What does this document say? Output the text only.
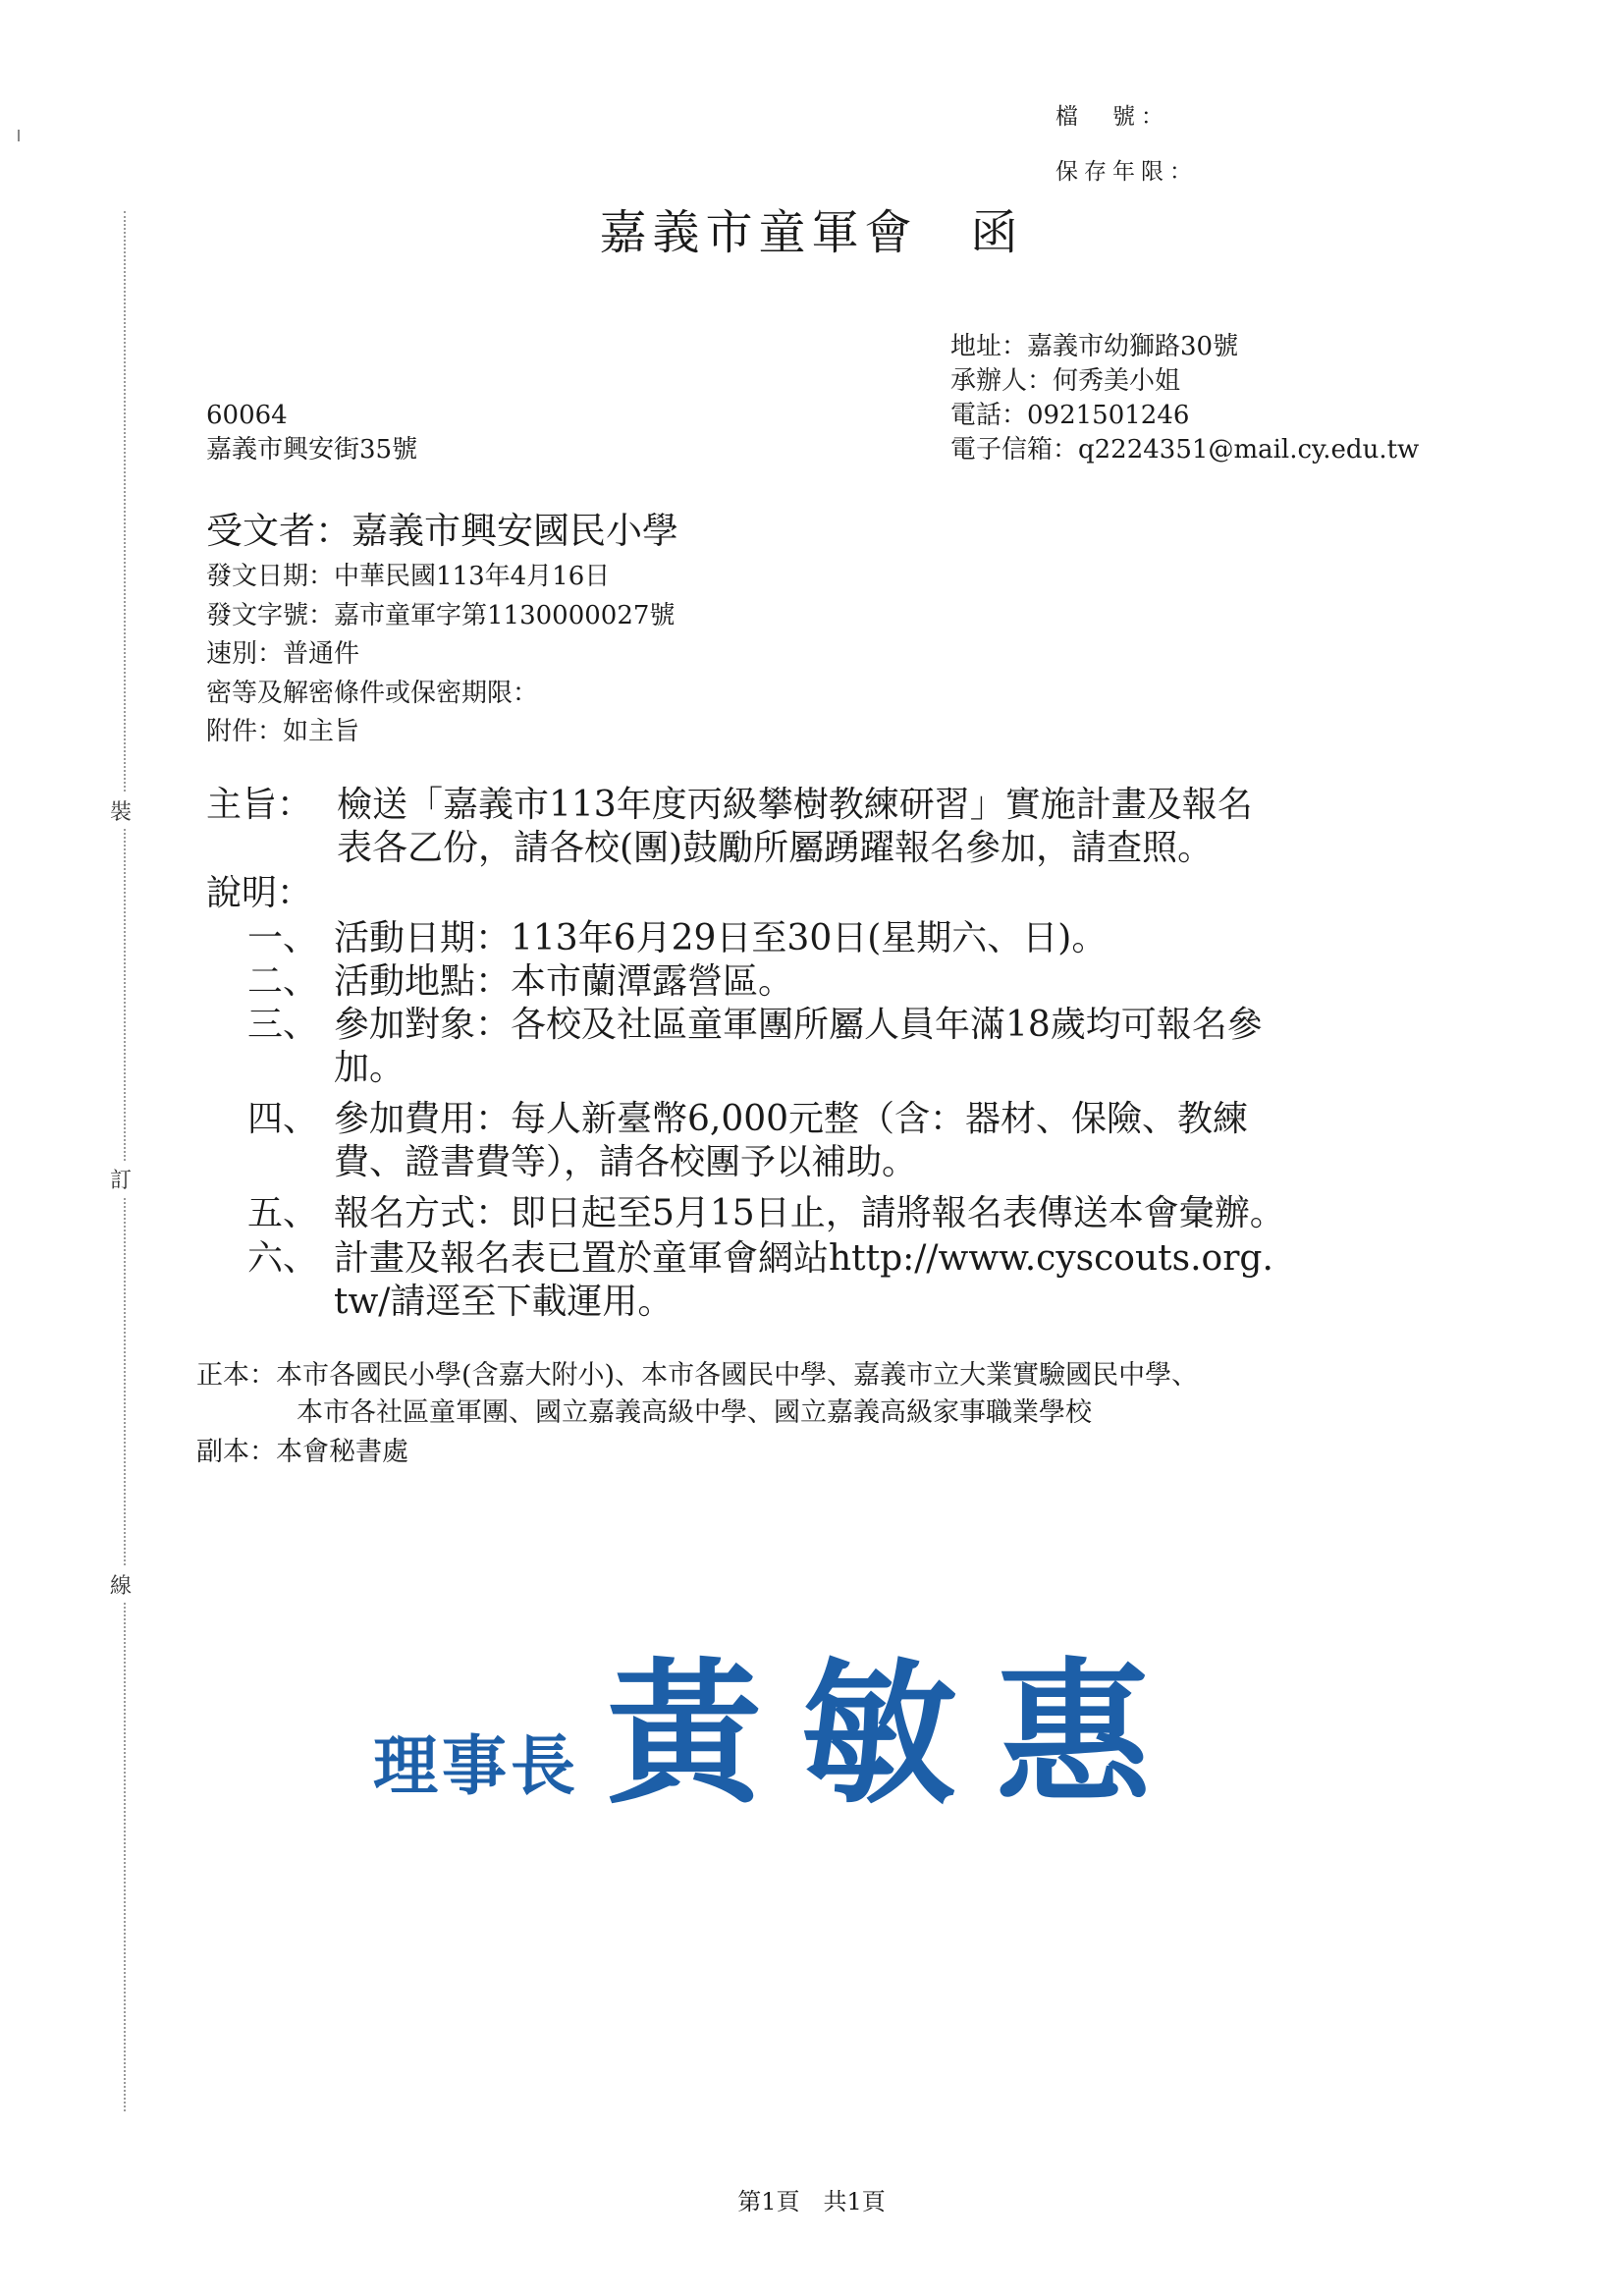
裝
訂
線
檔　號：
保存年限：
嘉義市童軍會　函
地址：嘉義市幼獅路30號
承辦人：何秀美小姐
電話：0921501246
電子信箱：q2224351@mail.cy.edu.tw
60064
嘉義市興安街35號
受文者：嘉義市興安國民小學
發文日期：中華民國113年4月16日
發文字號：嘉市童軍字第1130000027號
速別：普通件
密等及解密條件或保密期限：
附件：如主旨
主旨： 檢送「嘉義市113年度丙級攀樹教練研習」實施計畫及報名
表各乙份，請各校(團)鼓勵所屬踴躍報名參加，請查照。
說明：
一、 活動日期：113年6月29日至30日(星期六、日)。
二、 活動地點：本市蘭潭露營區。
三、 參加對象：各校及社區童軍團所屬人員年滿18歲均可報名參
加。
四、 參加費用：每人新臺幣6,000元整（含：器材、保險、教練
費、證書費等），請各校團予以補助。
五、 報名方式：即日起至5月15日止，請將報名表傳送本會彙辦。
六、 計畫及報名表已置於童軍會網站http://www.cyscouts.org.
tw/請逕至下載運用。
正本：本市各國民小學(含嘉大附小)、本市各國民中學、嘉義市立大業實驗國民中學、
本市各社區童軍團、國立嘉義高級中學、國立嘉義高級家事職業學校
副本：本會秘書處
理事長 黃敏惠
第1頁　共1頁
